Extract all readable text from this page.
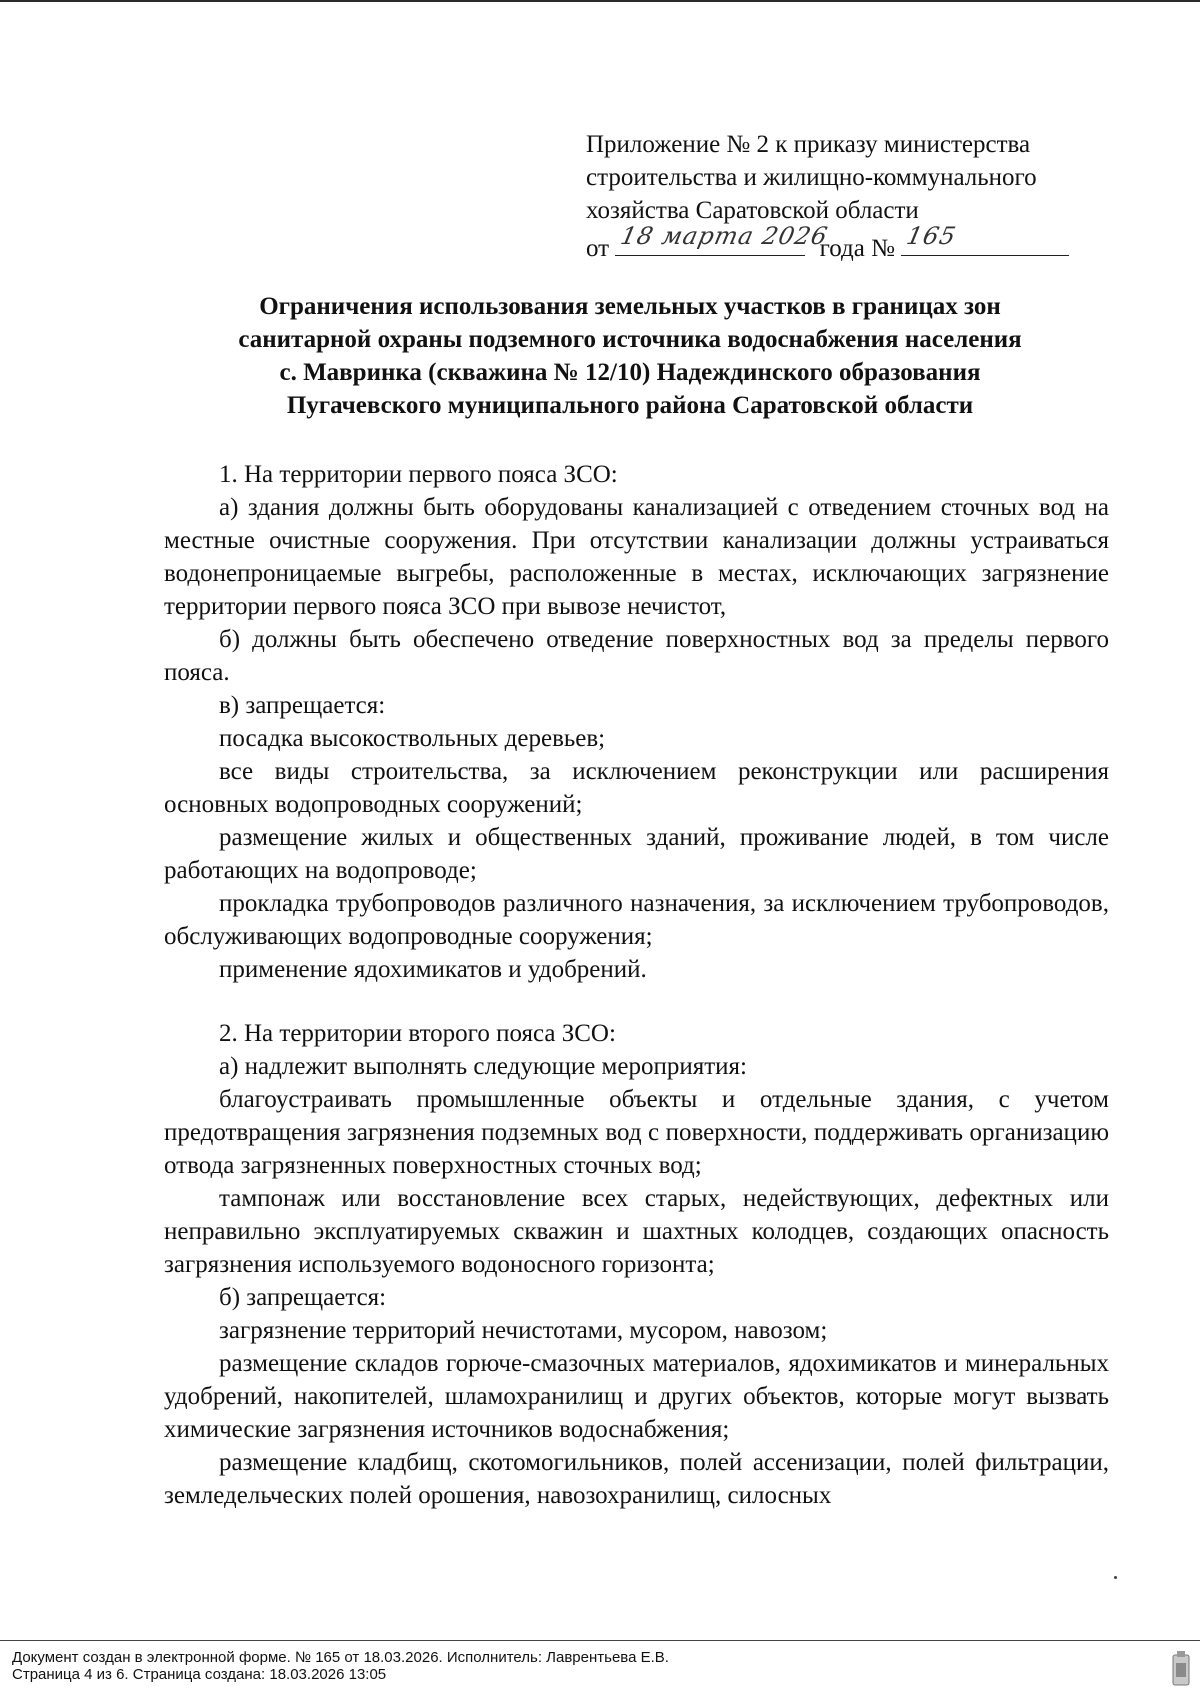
Приложение № 2 к приказу министерства
строительства и жилищно-коммунального
хозяйства Саратовской области
от 18 марта 2026
года № 165
Ограничения использования земельных участков в границах зон
санитарной охраны подземного источника водоснабжения населения
с. Мавринка (скважина № 12/10) Надеждинского образования
Пугачевского муниципального района Саратовской области

1. На территории первого пояса ЗСО:

а) здания должны быть оборудованы канализацией с отведением сточных вод на местные очистные сооружения. При отсутствии канализации должны устраиваться водонепроницаемые выгребы, расположенные в местах, исключающих загрязнение территории первого пояса ЗСО при вывозе нечистот,

б) должны быть обеспечено отведение поверхностных вод за пределы первого пояса.

в) запрещается:

посадка высокоствольных деревьев;

все виды строительства, за исключением реконструкции или расширения основных водопроводных сооружений;

размещение жилых и общественных зданий, проживание людей, в том числе работающих на водопроводе;

прокладка трубопроводов различного назначения, за исключением трубопроводов, обслуживающих водопроводные сооружения;

применение ядохимикатов и удобрений.

2. На территории второго пояса ЗСО:

а) надлежит выполнять следующие мероприятия:

благоустраивать промышленные объекты и отдельные здания, с учетом предотвращения загрязнения подземных вод с поверхности, поддерживать организацию отвода загрязненных поверхностных сточных вод;

тампонаж или восстановление всех старых, недействующих, дефектных или неправильно эксплуатируемых скважин и шахтных колодцев, создающих опасность загрязнения используемого водоносного горизонта;

б) запрещается:

загрязнение территорий нечистотами, мусором, навозом;

размещение складов горюче-смазочных материалов, ядохимикатов и минеральных удобрений, накопителей, шламохранилищ и других объектов, которые могут вызвать химические загрязнения источников водоснабжения;

размещение кладбищ, скотомогильников, полей ассенизации, полей фильтрации, земледельческих полей орошения, навозохранилищ, силосных

Документ создан в электронной форме. № 165 от 18.03.2026. Исполнитель: Лаврентьева Е.В.
Страница 4 из 6. Страница создана: 18.03.2026 13:05
